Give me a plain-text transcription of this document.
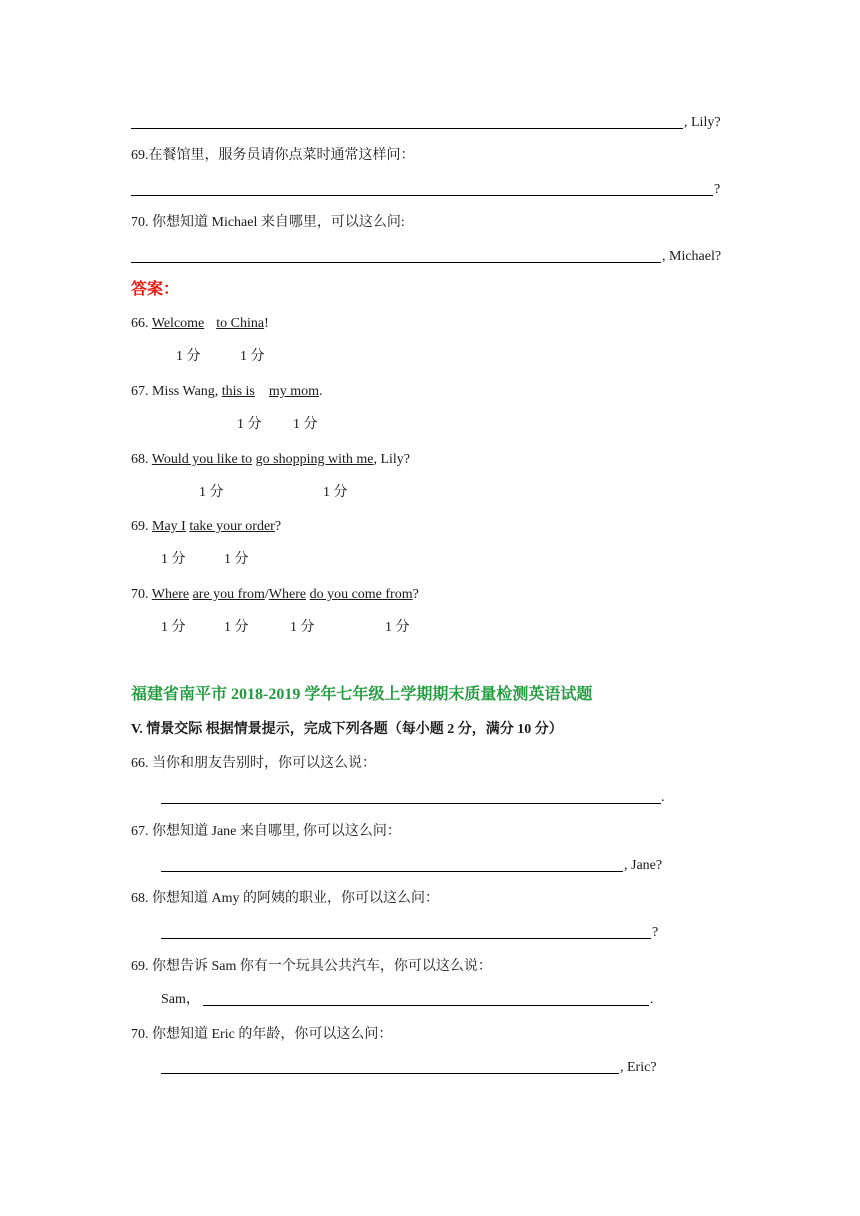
, Lily?
69.在餐馆里，服务员请你点菜时通常这样问：
?
70. 你想知道 Michael 来自哪里，可以这么问:
, Michael?
答案：
66. Welcome to China!
1 分	1 分
67. Miss Wang, this is my mom.
1 分 1 分
68. Would you like to go shopping with me, Lily?
1 分	1 分
69. May I take your order?
1 分	1 分
70. Where are you from/Where do you come from?
1 分	1 分	1 分	1 分
福建省南平市 2018-2019 学年七年级上学期期末质量检测英语试题
V. 情景交际 根据情景提示，完成下列各题（每小题 2 分，满分 10 分）
66. 当你和朋友告别时，你可以这么说：
.
67. 你想知道 Jane 来自哪里, 你可以这么问：
, Jane?
68. 你想知道 Amy 的阿姨的职业，你可以这么问：
?
69. 你想告诉 Sam 你有一个玩具公共汽车，你可以这么说：
Sam，	.
70. 你想知道 Eric 的年龄，你可以这么问：
, Eric?
